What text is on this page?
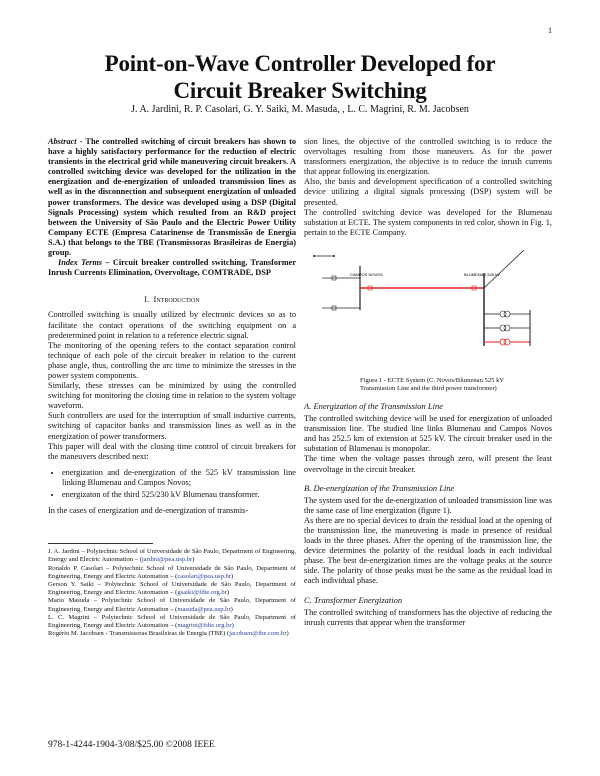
1
Point-on-Wave Controller Developed for
Circuit Breaker Switching
J. A. Jardini, R. P. Casolari, G. Y. Saiki, M. Masuda, , L. C. Magrini, R. M. Jacobsen

Abstract - The controlled switching of circuit breakers has shown to have a highly satisfactory performance for the reduction of electric transients in the electrical grid while maneuvering circuit breakers. A controlled switching device was developed for the utilization in the energization and de-energization of unloaded transmission lines as well as in the disconnection and subsequent energization of unloaded power transformers. The device was developed using a DSP (Digital Signals Processing) system which resulted from an R&D project between the University of São Paulo and the Electric Power Utility Company ECTE (Empresa Catarinense de Transmissão de Energia S.A.) that belongs to the TBE (Transmissoras Brasileiras de Energia) group.

Index Terms – Circuit breaker controlled switching, Transformer Inrush Currents Elimination, Overvoltage, COMTRADE, DSP

I. Introduction

Controlled switching is usually utilized by electronic devices so as to facilitate the contact operations of the switching equipment on a predetermined point in relation to a reference electric signal.

The monitoring of the opening refers to the contact separation control technique of each pole of the circuit breaker in relation to the current phase angle, thus, controlling the arc time to minimize the stresses in the power system components.

Similarly, these stresses can be minimized by using the controlled switching for monitoring the closing time in relation to the system voltage waveform.

Such controllers are used for the interruption of small inductive currents, switching of capacitor banks and transmission lines as well as in the energization of power transformers.

This paper will deal with the closing time control of circuit breakers for the maneuvers described next:

• energization and de-energization of the 525 kV transmission line linking Blumenau and Campos Novos;
• energizaton of the third 525/230 kV Blumenau transformer.

In the cases of energization and de-energization of transmis-

J. A. Jardini – Polytechnic School of Universidade de São Paulo, Department of Engineering, Energy and Electric Automation – (jardini@pea.usp.br)

Ronaldo P. Casolari – Polytechnic School of Universidade de São Paulo, Department of Engineering, Energy and Electric Automation – (casolari@pea.usp.br)

Gerson Y. Saiki – Polytechnic School of Universidade de São Paulo, Department of Engineering, Energy and Electric Automation – (gsaiki@fdte.org.br)

Mario Masuda – Polytechnic School of Universidade de São Paulo, Department of Engineering, Energy and Electric Automation – (masuda@pea.usp.br)

L. C. Magrini – Polytechnic School of Universidade de São Paulo, Department of Engineering, Energy and Electric Automation – (magrini@fdte.org.br)

Rogério M. Jacobsen - Transmissoras Brasileiras de Energia (TBE) (jacobsen@tbe.com.br)

sion lines, the objective of the controlled switching is to reduce the overvoltages resulting from those maneuvers. As for the power transformers energization, the objective is to reduce the inrush currents that appear following its energization.

Also, the basis and development specification of a controlled switching device utilizing a digital signals processing (DSP) system will be presented.

The controlled switching device was developed for the Blumenau substation at ECTE. The system components in red color, shown in Fig. 1, pertain to the ECTE Company.

CAMPOS NOVOS	BLUMENAU 525 kV

Figura 1 - ECTE System (C. Novos/Blumenau 525 kV
Transmission Line and the third power transformer)

A. Energization of the Transmission Line

The controlled switching device will be used for energization of unloaded transmission line. The studied line links Blumenau and Campos Novos and has 252.5 km of extension at 525 kV. The circuit breaker used in the substation of Blumenau is monopolar.

The time when the voltage passes through zero, will present the least overvoltage in the circuit breaker.

B. De-energization of the Transmission Line

The system used for the de-energization of unloaded transmission line was the same case of line energization (figure 1).

As there are no special devices to drain the residual load at the opening of the transmission line, the maneuvering is made in presence of residual loads in the three phases. After the opening of the transmission line, the device determines the polarity of the residual loads in each individual phase. The best de-energization times are the voltage peaks at the source side. The polarity of those peaks must be the same as the residual load in each individual phase.

C. Transformer Energization

The controlled switching of transformers has the objective of reducing the inrush currents that appear when the transformer

978-1-4244-1904-3/08/$25.00 ©2008 IEEE
